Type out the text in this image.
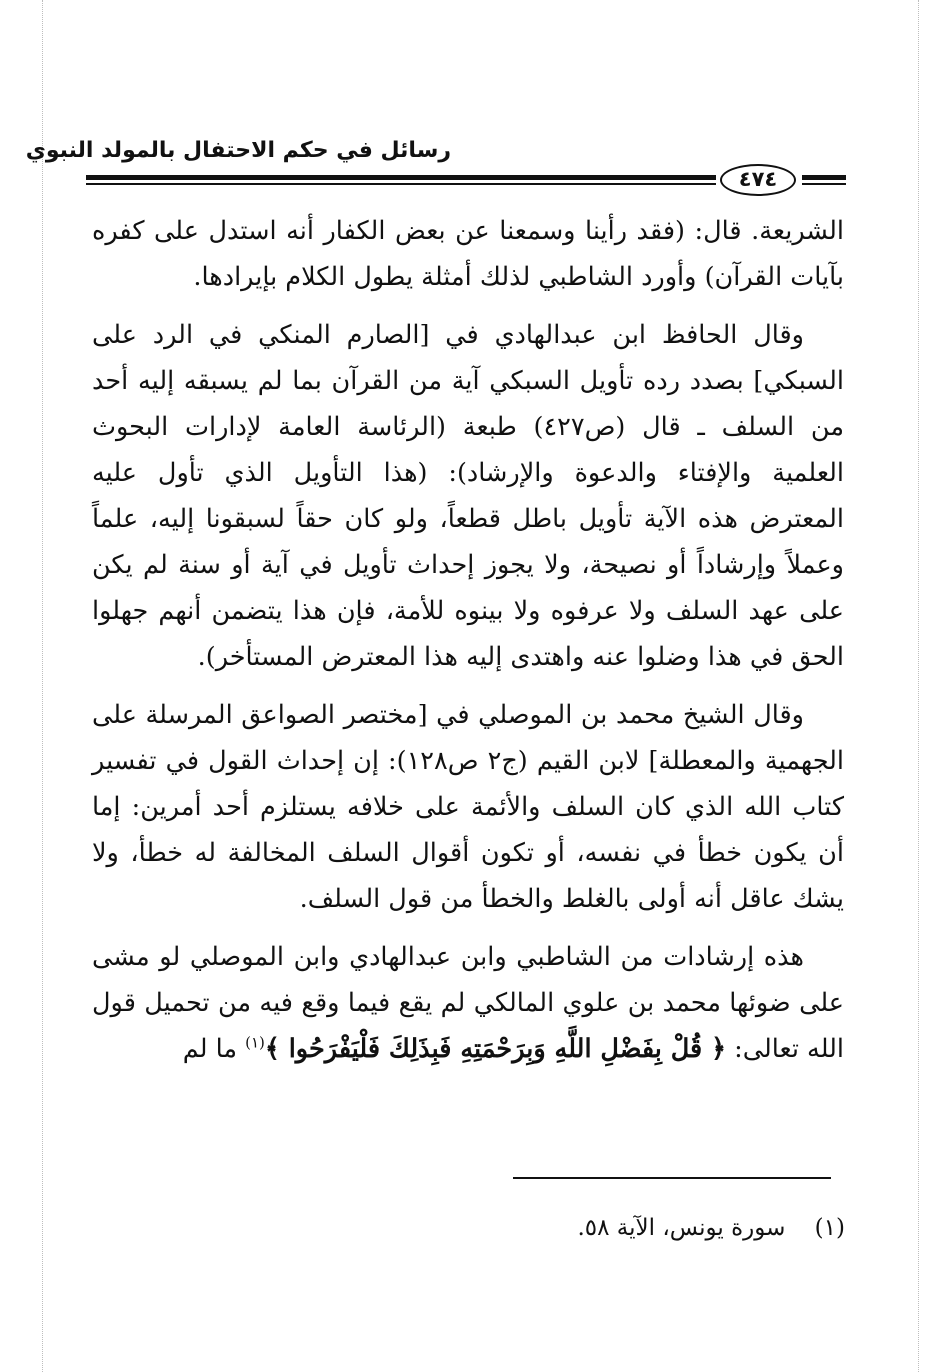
رسائل في حكم الاحتفال بالمولد النبوي
٤٧٤

الشريعة. قال: (فقد رأينا وسمعنا عن بعض الكفار أنه استدل على كفره بآيات القرآن) وأورد الشاطبي لذلك أمثلة يطول الكلام بإيرادها.

وقال الحافظ ابن عبدالهادي في [الصارم المنكي في الرد على السبكي] بصدد رده تأويل السبكي آية من القرآن بما لم يسبقه إليه أحد من السلف ـ قال (ص٤٢٧) طبعة (الرئاسة العامة لإدارات البحوث العلمية والإفتاء والدعوة والإرشاد): (هذا التأويل الذي تأول عليه المعترض هذه الآية تأويل باطل قطعاً، ولو كان حقاً لسبقونا إليه، علماً وعملاً وإرشاداً أو نصيحة، ولا يجوز إحداث تأويل في آية أو سنة لم يكن على عهد السلف ولا عرفوه ولا بينوه للأمة، فإن هذا يتضمن أنهم جهلوا الحق في هذا وضلوا عنه واهتدى إليه هذا المعترض المستأخر).

وقال الشيخ محمد بن الموصلي في [مختصر الصواعق المرسلة على الجهمية والمعطلة] لابن القيم (ج٢ ص١٢٨): إن إحداث القول في تفسير كتاب الله الذي كان السلف والأئمة على خلافه يستلزم أحد أمرين: إما أن يكون خطأ في نفسه، أو تكون أقوال السلف المخالفة له خطأ، ولا يشك عاقل أنه أولى بالغلط والخطأ من قول السلف.

هذه إرشادات من الشاطبي وابن عبدالهادي وابن الموصلي لو مشى على ضوئها محمد بن علوي المالكي لم يقع فيما وقع فيه من تحميل قول الله تعالى: ﴿ قُلْ بِفَضْلِ اللَّهِ وَبِرَحْمَتِهِ فَبِذَلِكَ فَلْيَفْرَحُوا ﴾$^{(١)}$ ما لم

(١)    سورة يونس، الآية ٥٨.
